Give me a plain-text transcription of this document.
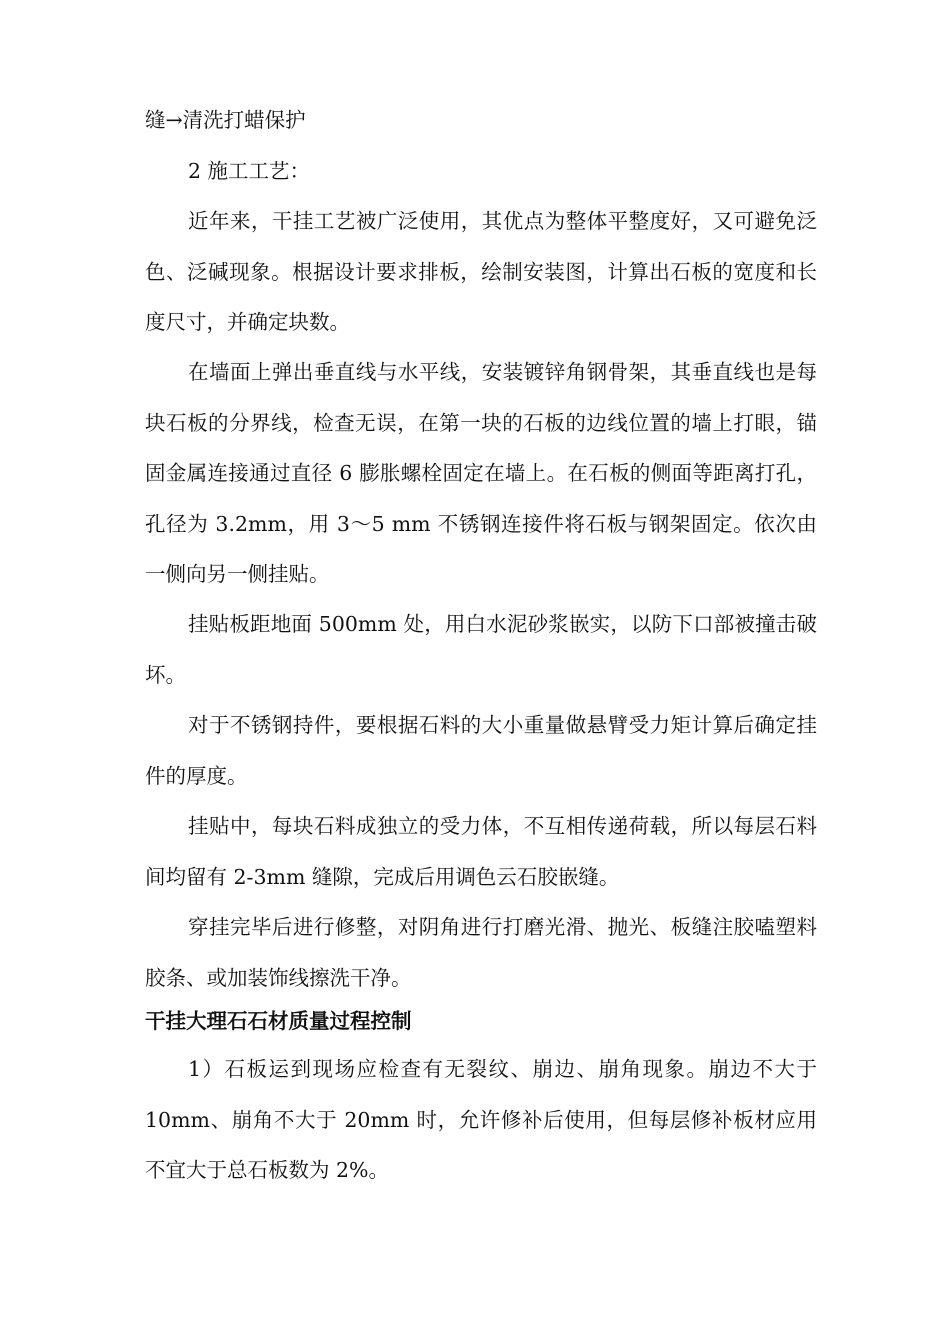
缝→清洗打蜡保护

2 施工工艺：

近年来，干挂工艺被广泛使用，其优点为整体平整度好，又可避免泛色、泛碱现象。根据设计要求排板，绘制安装图，计算出石板的宽度和长度尺寸，并确定块数。

在墙面上弹出垂直线与水平线，安装镀锌角钢骨架，其垂直线也是每块石板的分界线，检查无误，在第一块的石板的边线位置的墙上打眼，锚固金属连接通过直径 6 膨胀螺栓固定在墙上。在石板的侧面等距离打孔，孔径为 3.2mm，用 3～5 mm 不锈钢连接件将石板与钢架固定。依次由一侧向另一侧挂贴。

挂贴板距地面 500mm 处，用白水泥砂浆嵌实，以防下口部被撞击破坏。

对于不锈钢持件，要根据石料的大小重量做悬臂受力矩计算后确定挂件的厚度。

挂贴中，每块石料成独立的受力体，不互相传递荷载，所以每层石料间均留有 2-3mm 缝隙，完成后用调色云石胶嵌缝。

穿挂完毕后进行修整，对阴角进行打磨光滑、抛光、板缝注胶嗑塑料胶条、或加装饰线擦洗干净。

干挂大理石石材质量过程控制

1）石板运到现场应检查有无裂纹、崩边、崩角现象。崩边不大于 10mm、崩角不大于 20mm 时，允许修补后使用，但每层修补板材应用不宜大于总石板数为 2%。
